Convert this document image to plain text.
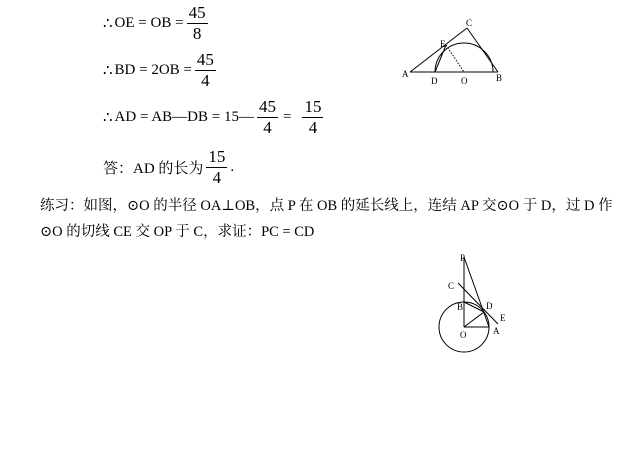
∴ OE = OB = $\frac{45}{8}$
∴ BD = $2OB = \frac{45}{4}$
∴ AD = AB—DB = 15— $\frac{45}{4} = \frac{15}{4}$
答：AD 的长为 $\frac{15}{4}$ .
练习：如图，⊙O 的半径 OA⊥OB，点 P 在 OB 的延长线上，连结 AP 交⊙O 于 D，过 D 作
⊙O 的切线 CE 交 OP 于 C，求证：PC = CD
A
D	O	B
E
C
P
C
B	D
E
O	A
